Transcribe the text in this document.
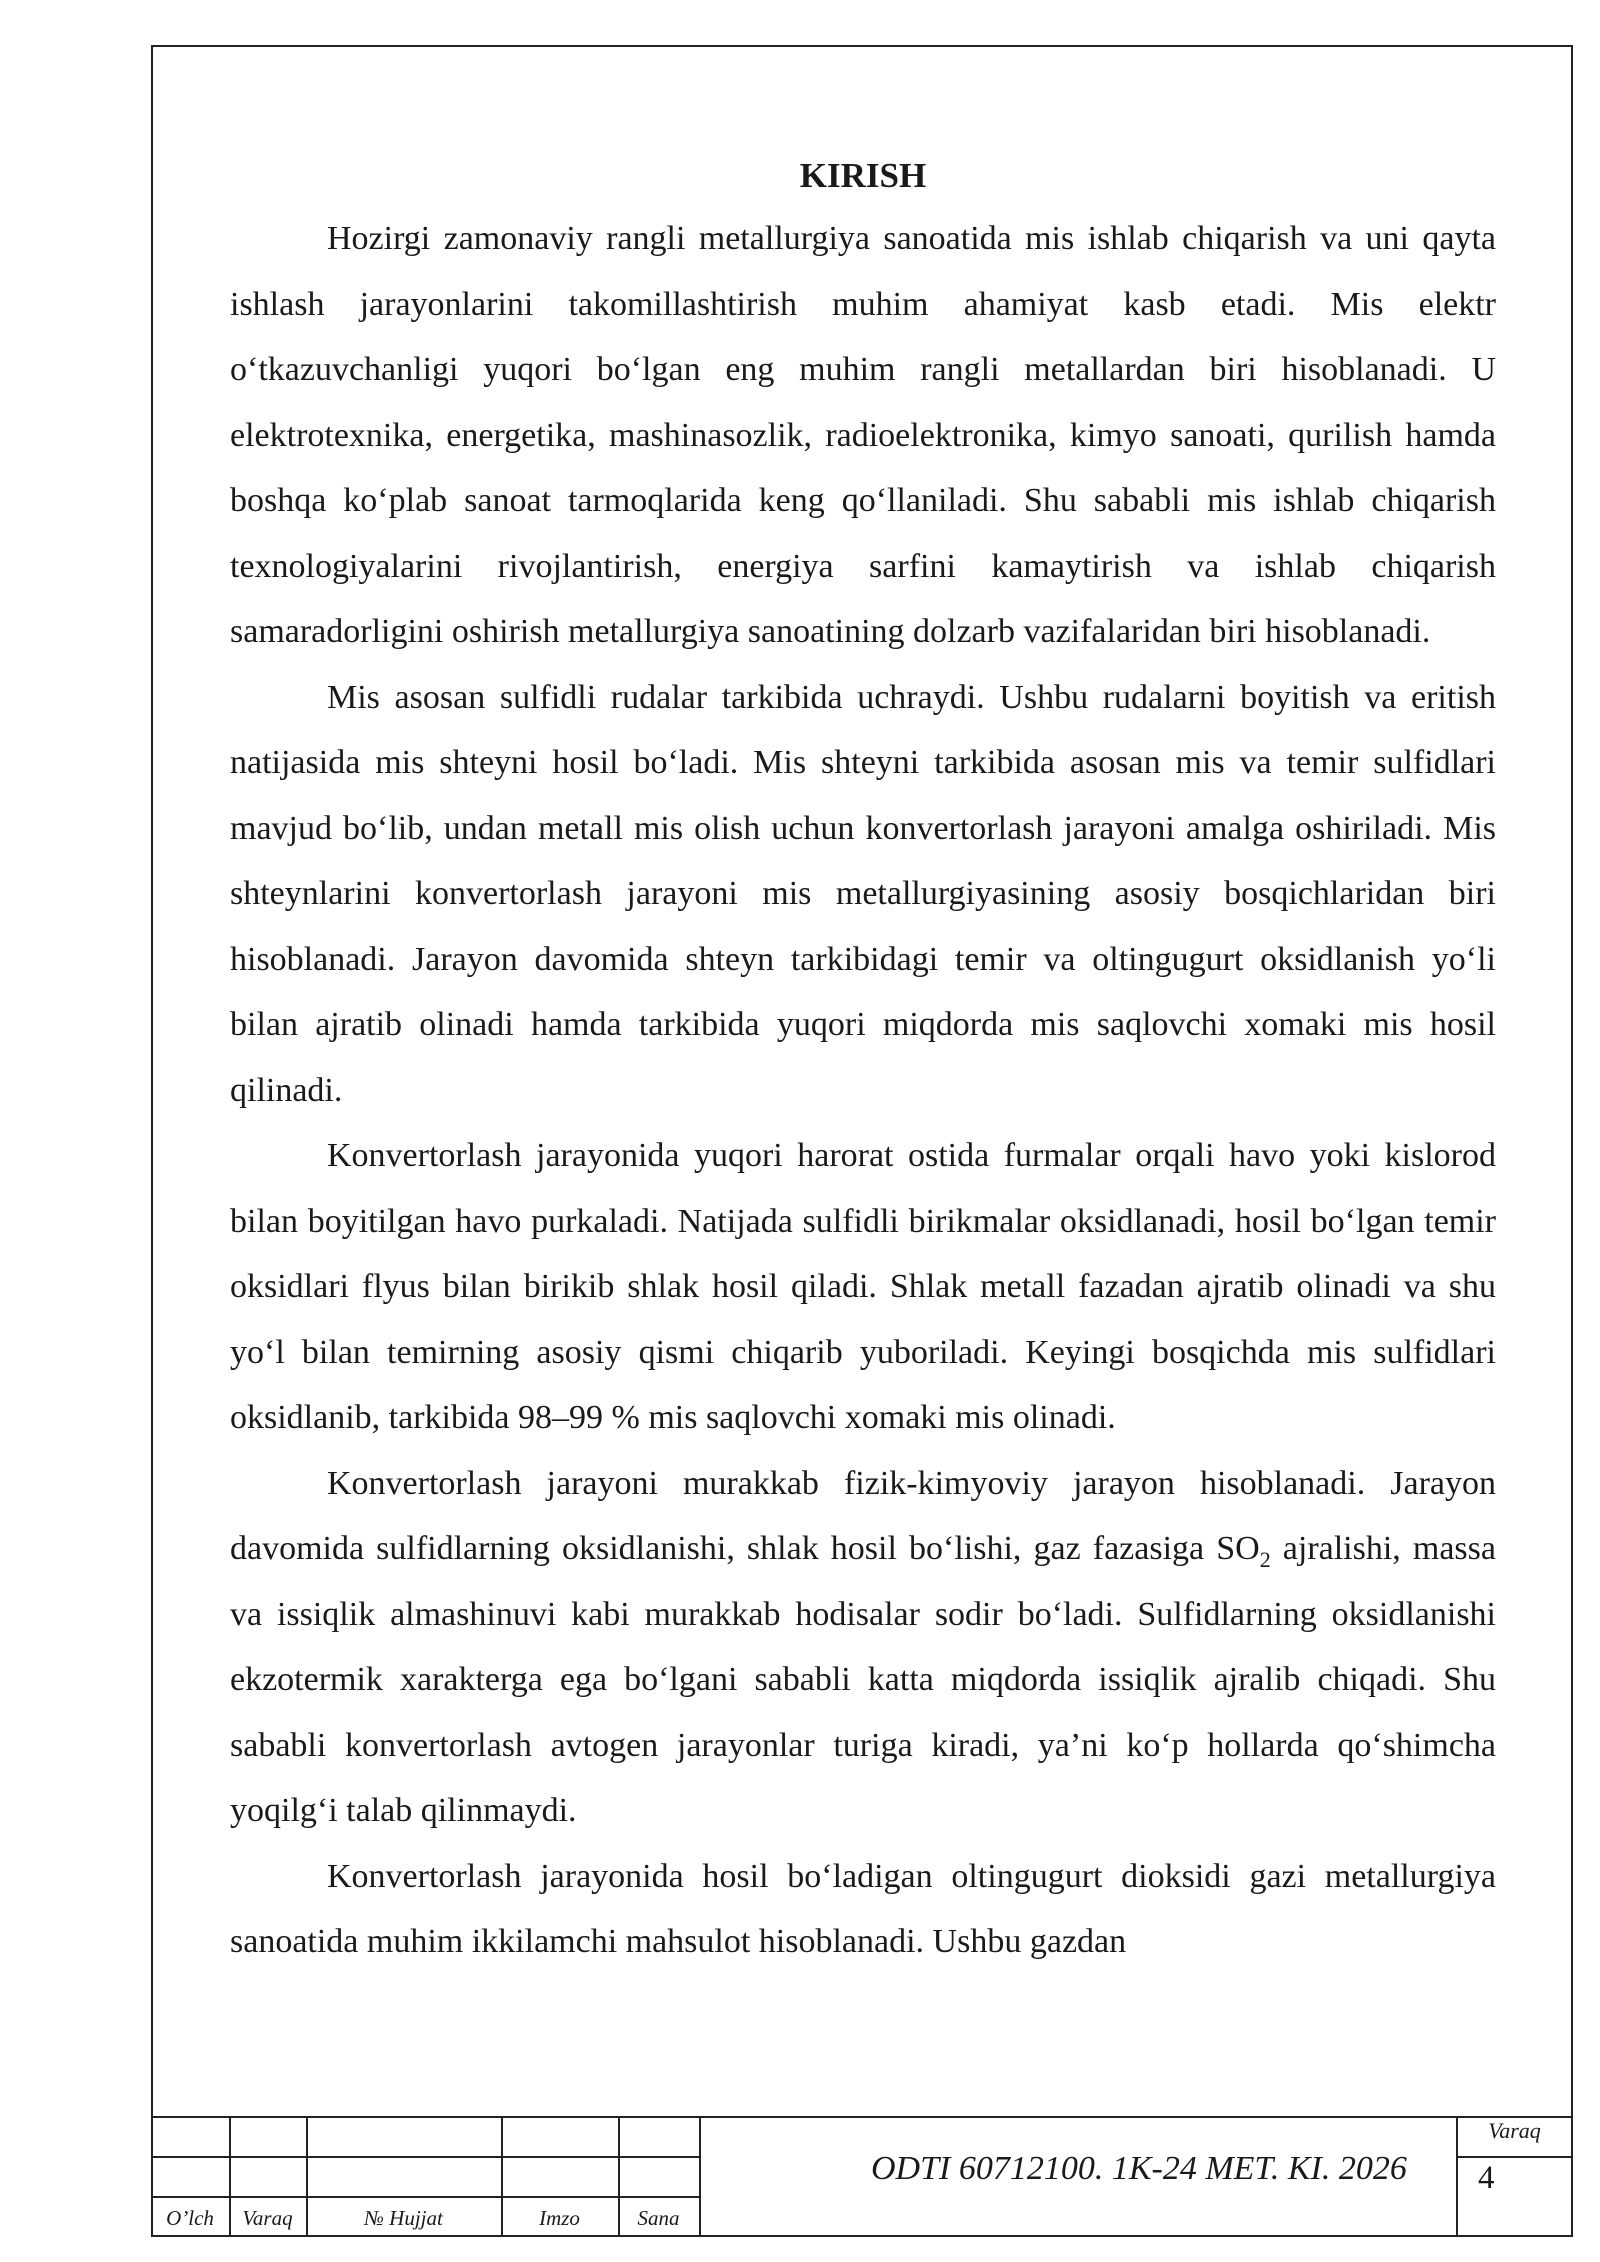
KIRISH

Hozirgi zamonaviy rangli metallurgiya sanoatida mis ishlab chiqarish va uni qayta ishlash jarayonlarini takomillashtirish muhim ahamiyat kasb etadi. Mis elektr o‘tkazuvchanligi yuqori bo‘lgan eng muhim rangli metallardan biri hisoblanadi. U elektrotexnika, energetika, mashinasozlik, radioelektronika, kimyo sanoati, qurilish hamda boshqa ko‘plab sanoat tarmoqlarida keng qo‘llaniladi. Shu sababli mis ishlab chiqarish texnologiyalarini rivojlantirish, energiya sarfini kamaytirish va ishlab chiqarish samaradorligini oshirish metallurgiya sanoatining dolzarb vazifalaridan biri hisoblanadi.

Mis asosan sulfidli rudalar tarkibida uchraydi. Ushbu rudalarni boyitish va eritish natijasida mis shteyni hosil bo‘ladi. Mis shteyni tarkibida asosan mis va temir sulfidlari mavjud bo‘lib, undan metall mis olish uchun konvertorlash jarayoni amalga oshiriladi. Mis shteynlarini konvertorlash jarayoni mis metallurgiyasining asosiy bosqichlaridan biri hisoblanadi. Jarayon davomida shteyn tarkibidagi temir va oltingugurt oksidlanish yo‘li bilan ajratib olinadi hamda tarkibida yuqori miqdorda mis saqlovchi xomaki mis hosil qilinadi.

Konvertorlash jarayonida yuqori harorat ostida furmalar orqali havo yoki kislorod bilan boyitilgan havo purkaladi. Natijada sulfidli birikmalar oksidlanadi, hosil bo‘lgan temir oksidlari flyus bilan birikib shlak hosil qiladi. Shlak metall fazadan ajratib olinadi va shu yo‘l bilan temirning asosiy qismi chiqarib yuboriladi. Keyingi bosqichda mis sulfidlari oksidlanib, tarkibida 98–99 % mis saqlovchi xomaki mis olinadi.

Konvertorlash jarayoni murakkab fizik-kimyoviy jarayon hisoblanadi. Jarayon davomida sulfidlarning oksidlanishi, shlak hosil bo‘lishi, gaz fazasiga $SO_2$ ajralishi, massa va issiqlik almashinuvi kabi murakkab hodisalar sodir bo‘ladi. Sulfidlarning oksidlanishi ekzotermik xarakterga ega bo‘lgani sababli katta miqdorda issiqlik ajralib chiqadi. Shu sababli konvertorlash avtogen jarayonlar turiga kiradi, ya’ni ko‘p hollarda qo‘shimcha yoqilg‘i talab qilinmaydi.

Konvertorlash jarayonida hosil bo‘ladigan oltingugurt dioksidi gazi metallurgiya sanoatida muhim ikkilamchi mahsulot hisoblanadi. Ushbu gazdan

O’lch	Varaq	№ Hujjat	Imzo	Sana
ODTI 60712100. 1K-24 MET. KI. 2026
Varaq
4
